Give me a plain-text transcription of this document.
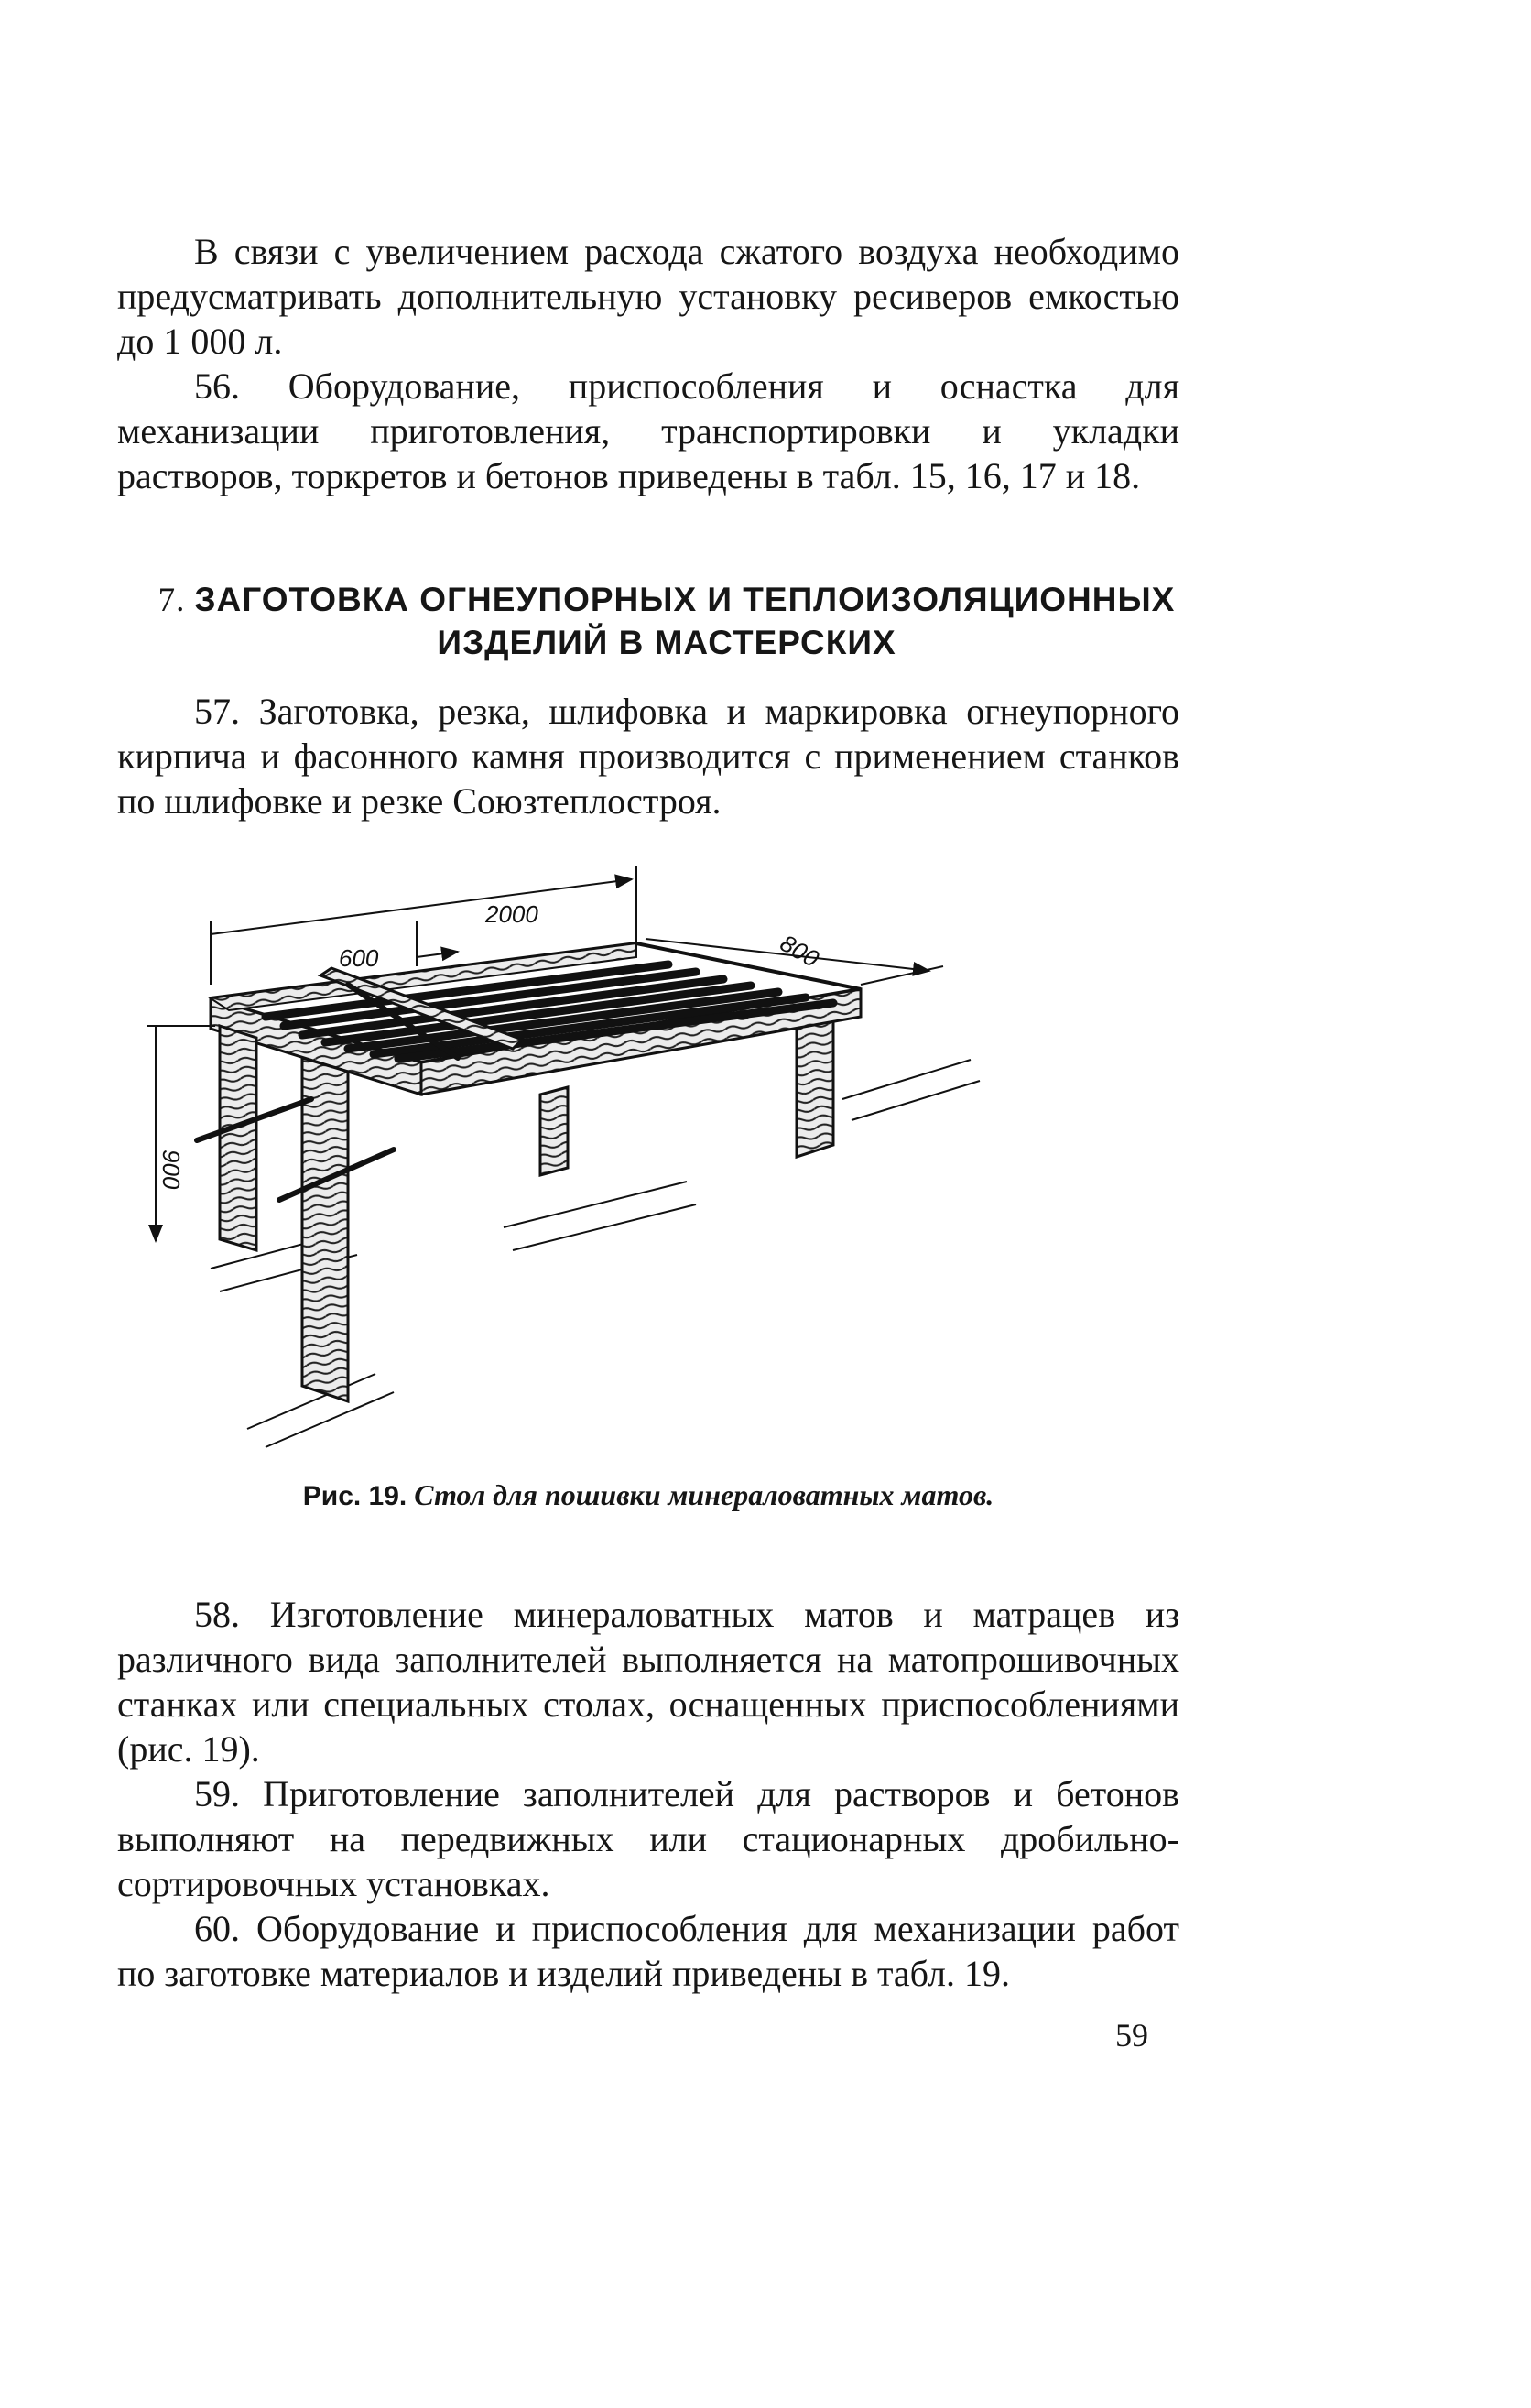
В связи с увеличением расхода сжатого воздуха необходимо предусматривать дополнительную установку ресиверов емкостью до 1 000 л.

56. Оборудование, приспособления и оснастка для механизации приготовления, транспортировки и укладки растворов, торкретов и бетонов приведены в табл. 15, 16, 17 и 18.

7. ЗАГОТОВКА ОГНЕУПОРНЫХ И ТЕПЛОИЗОЛЯЦИОННЫХ ИЗДЕЛИЙ В МАСТЕРСКИХ

57. Заготовка, резка, шлифовка и маркировка огнеупорного кирпича и фасонного камня производится с применением станков по шлифовке и резке Союзтеплостроя.

2000
600	800
900

Рис. 19. Стол для пошивки минераловатных матов.

58. Изготовление минераловатных матов и матрацев из различного вида заполнителей выполняется на матопрошивочных станках или специальных столах, оснащенных приспособлениями (рис. 19).

59. Приготовление заполнителей для растворов и бетонов выполняют на передвижных или стационарных дробильно-сортировочных установках.

60. Оборудование и приспособления для механизации работ по заготовке материалов и изделий приведены в табл. 19.

59
